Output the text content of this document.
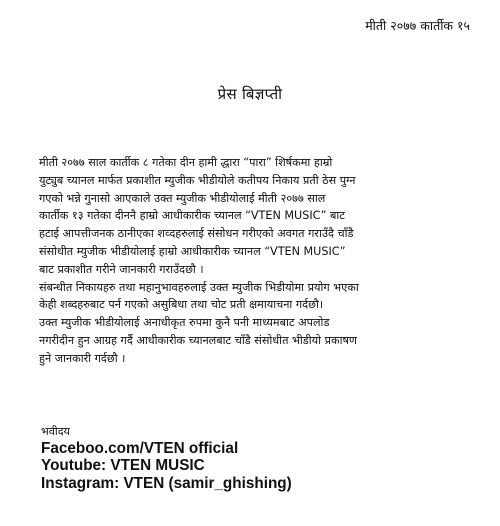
मीती २०७७ कार्तीक १५
प्रेस बिज्ञप्ती
मीती २०७७ साल कार्तीक ८ गतेका दीन हामी द्धारा “पारा” शिर्षकमा हाम्रो
युट्युब च्यानल मार्फत प्रकाशीत म्युजीक भीडीयोले कतीपय निकाय प्रती ठेस पुग्न
गएको भन्ने गुनासो आएकाले उक्त म्युजीक भीडीयोलाई मीती २०७७ साल
कार्तीक १३ गतेका दीननै हाम्रो आधीकारीक च्यानल “VTEN MUSIC” बाट
हटाई आपत्तीजनक ठानीएका शव्दहरुलाई संसोधन गरीएको अवगत गराउँदै चाँडै
संसोधीत म्युजीक भीडीयोलाई हाम्रो आधीकारीक च्यानल “VTEN MUSIC”
बाट प्रकाशीत गरीने जानकारी गराउँदछौ ।
संबन्धीत निकायहरु तथा महानुभावहरुलाई उक्त म्युजीक भिडीयोमा प्रयोग भएका
केही शब्दहरुबाट पर्न गएको असुबिधा तथा चोट प्रती क्षमायाचना गर्दछौ।
उक्त म्युजीक भीडीयोलाई अनाधीकृत रुपमा कुनै पनी माध्यमबाट अपलोड
नगरीदीन हुन आग्रह गर्दै आधीकारीक च्यानलबाट चाँडै संसोधीत भीडीयो प्रकाषण
हुने जानकारी गर्दछौ ।
भवीदय
Faceboo.com/VTEN official
Youtube: VTEN MUSIC
Instagram: VTEN (samir_ghishing)
